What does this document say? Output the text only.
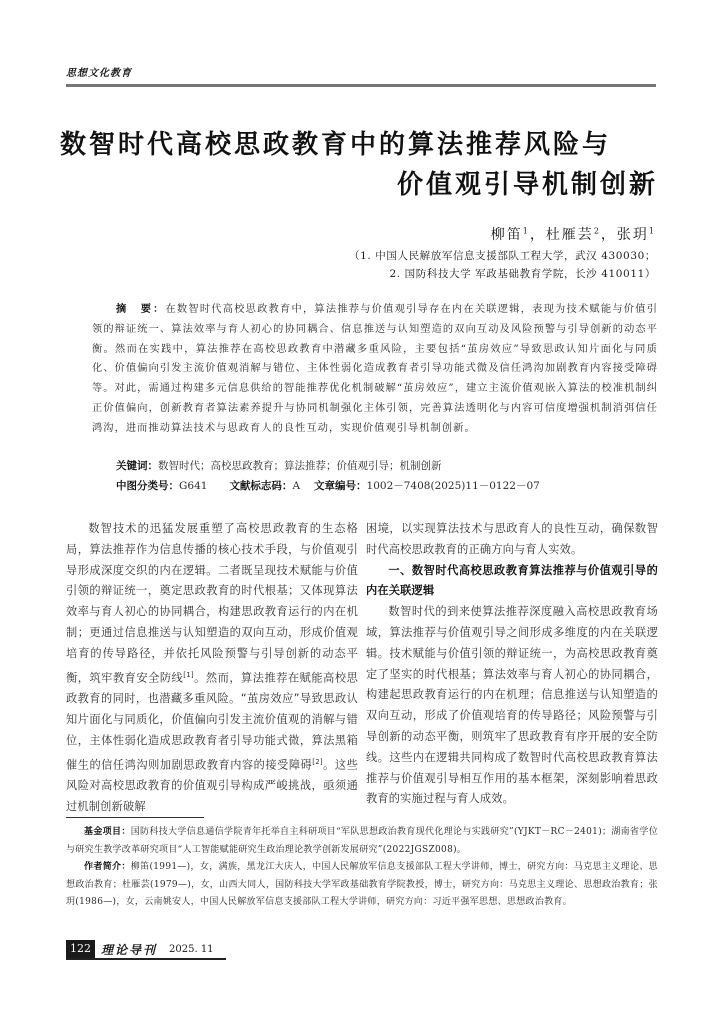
思想文化教育
数智时代高校思政教育中的算法推荐风险与
价值观引导机制创新
柳笛$^1$，杜雁芸$^2$，张玥$^1$
（1. 中国人民解放军信息支援部队工程大学，武汉 430030；
2. 国防科技大学 军政基础教育学院，长沙 410011）
摘　要：在数智时代高校思政教育中，算法推荐与价值观引导存在内在关联逻辑，表现为技术赋能与价值引领的辩证统一、算法效率与育人初心的协同耦合、信息推送与认知塑造的双向互动及风险预警与引导创新的动态平衡。然而在实践中，算法推荐在高校思政教育中潜藏多重风险，主要包括“茧房效应”导致思政认知片面化与同质化、价值偏向引发主流价值观消解与错位、主体性弱化造成教育者引导功能式微及信任鸿沟加剧教育内容接受障碍等。对此，需通过构建多元信息供给的智能推荐优化机制破解“茧房效应”，建立主流价值观嵌入算法的校准机制纠正价值偏向，创新教育者算法素养提升与协同机制强化主体引领，完善算法透明化与内容可信度增强机制消弭信任鸿沟，进而推动算法技术与思政育人的良性互动，实现价值观引导机制创新。
关键词：数智时代；高校思政教育；算法推荐；价值观引导；机制创新
中图分类号：G641 文献标志码：A 文章编号：1002－7408(2025)11－0122－07

数智技术的迅猛发展重塑了高校思政教育的生态格局，算法推荐作为信息传播的核心技术手段，与价值观引导形成深度交织的内在逻辑。二者既呈现技术赋能与价值引领的辩证统一，奠定思政教育的时代根基；又体现算法效率与育人初心的协同耦合，构建思政教育运行的内在机制；更通过信息推送与认知塑造的双向互动，形成价值观培育的传导路径，并依托风险预警与引导创新的动态平衡，筑牢教育安全防线[1]。然而，算法推荐在赋能高校思政教育的同时，也潜藏多重风险。“茧房效应”导致思政认知片面化与同质化，价值偏向引发主流价值观的消解与错位，主体性弱化造成思政教育者引导功能式微，算法黑箱催生的信任鸿沟则加剧思政教育内容的接受障碍[2]。这些风险对高校思政教育的价值观引导构成严峻挑战，亟须通过机制创新破解

困境，以实现算法技术与思政育人的良性互动，确保数智时代高校思政教育的正确方向与育人实效。

一、数智时代高校思政教育算法推荐与价值观引导的内在关联逻辑

数智时代的到来使算法推荐深度融入高校思政教育场域，算法推荐与价值观引导之间形成多维度的内在关联逻辑。技术赋能与价值引领的辩证统一，为高校思政教育奠定了坚实的时代根基；算法效率与育人初心的协同耦合，构建起思政教育运行的内在机理；信息推送与认知塑造的双向互动，形成了价值观培育的传导路径；风险预警与引导创新的动态平衡，则筑牢了思政教育有序开展的安全防线。这些内在逻辑共同构成了数智时代高校思政教育算法推荐与价值观引导相互作用的基本框架，深刻影响着思政教育的实施过程与育人成效。

基金项目：国防科技大学信息通信学院青年托举自主科研项目“军队思想政治教育现代化理论与实践研究”(YJKT－RC－2401)；湖南省学位与研究生教学改革研究项目“人工智能赋能研究生政治理论教学创新发展研究”(2022JGSZ008)。

作者简介：柳笛(1991—)，女，满族，黑龙江大庆人，中国人民解放军信息支援部队工程大学讲师，博士，研究方向：马克思主义理论、思想政治教育；杜雁芸(1979—)，女，山西大同人，国防科技大学军政基础教育学院教授，博士，研究方向：马克思主义理论、思想政治教育；张玥(1986—)，女，云南姚安人，中国人民解放军信息支援部队工程大学讲师，研究方向：习近平强军思想、思想政治教育。

122 理论导刊 2025. 11
